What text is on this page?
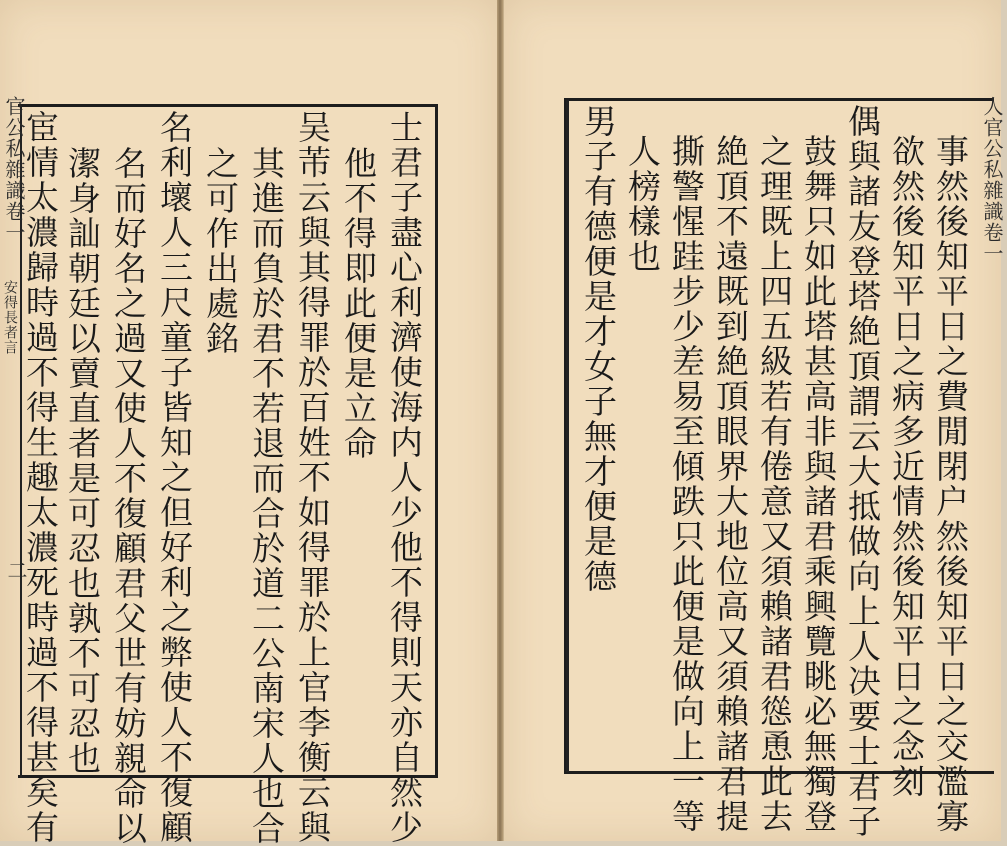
官公私雜識卷一
安得長者言
二	士君子盡心利濟使海内人少他不得則天亦自然少
他不得即此便是立命
吴芾云與其得罪於百姓不如得罪於上官李衡云與
其進而負於君不若退而合於道二公南宋人也合
之可作出處銘
名利壞人三尺童子皆知之但好利之弊使人不復顧
名而好名之過又使人不復顧君父世有妨親命以
潔身訕朝廷以賣直者是可忍也孰不可忍也
宦情太濃歸時過不得生趣太濃死時過不得甚矣有	人官公私雜識卷一
事然後知平日之費閒閉户然後知平日之交濫寡
欲然後知平日之病多近情然後知平日之念刻
偶與諸友登塔絶頂謂云大抵做向上人决要士君子
鼓舞只如此塔甚高非與諸君乘興覽眺必無獨登
之理既上四五級若有倦意又須賴諸君慫恿此去
絶頂不遠既到絶頂眼界大地位高又須賴諸君提
撕警惺跬步少差易至傾跌只此便是做向上一等
人榜樣也
男子有德便是才女子無才便是德
